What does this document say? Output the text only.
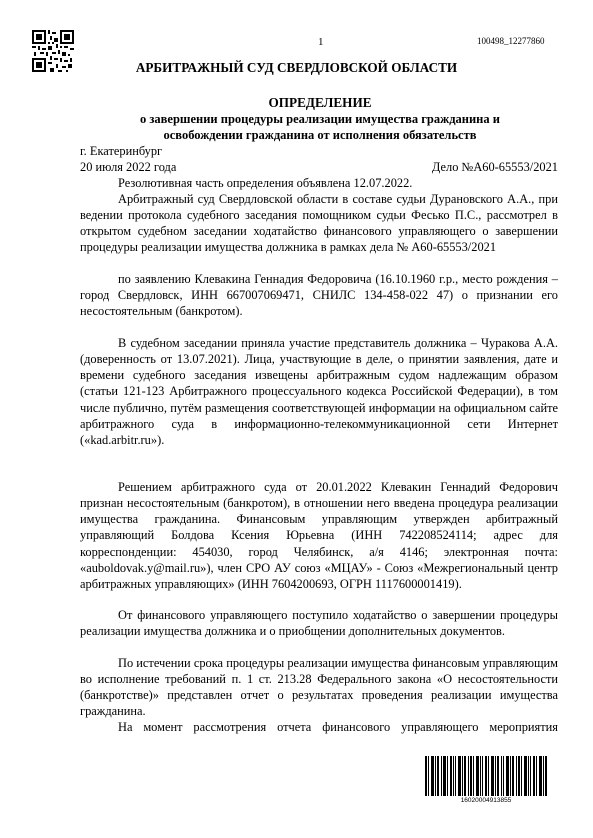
1	100498_12277860
АРБИТРАЖНЫЙ СУД СВЕРДЛОВСКОЙ ОБЛАСТИ
ОПРЕДЕЛЕНИЕ
о завершении процедуры реализации имущества гражданина и
освобождении гражданина от исполнения обязательств
г. Екатеринбург
20 июля 2022 года	Дело №А60-65553/2021
Резолютивная часть определения объявлена 12.07.2022.
Арбитражный суд Свердловской области в составе судьи Дурановского А.А., при ведении протокола судебного заседания помощником судьи Фесько П.С., рассмотрел в открытом судебном заседании ходатайство финансового управляющего о завершении процедуры реализации имущества должника в рамках дела № А60-65553/2021
по заявлению Клевакина Геннадия Федоровича (16.10.1960 г.р., место рождения – город Свердловск, ИНН 667007069471, СНИЛС 134-458-022 47) о признании его несостоятельным (банкротом).
В судебном заседании приняла участие представитель должника – Чуракова А.А. (доверенность от 13.07.2021). Лица, участвующие в деле, о принятии заявления, дате и времени судебного заседания извещены арбитражным судом надлежащим образом (статьи 121-123 Арбитражного процессуального кодекса Российской Федерации), в том числе публично, путём размещения соответствующей информации на официальном сайте арбитражного суда в информационно-телекоммуникационной сети Интернет («kad.arbitr.ru»).
Решением арбитражного суда от 20.01.2022 Клевакин Геннадий Федорович признан несостоятельным (банкротом), в отношении него введена процедура реализации имущества гражданина. Финансовым управляющим утвержден арбитражный управляющий Болдова Ксения Юрьевна (ИНН 742208524114; адрес для корреспонденции: 454030, город Челябинск, а/я 4146; электронная почта: «auboldovak.y@mail.ru»), член СРО АУ союз «МЦАУ» - Союз «Межрегиональный центр арбитражных управляющих» (ИНН 7604200693, ОГРН 1117600001419).
От финансового управляющего поступило ходатайство о завершении процедуры реализации имущества должника и о приобщении дополнительных документов.
По истечении срока процедуры реализации имущества финансовым управляющим во исполнение требований п. 1 ст. 213.28 Федерального закона «О несостоятельности (банкротстве)» представлен отчет о результатах проведения реализации имущества гражданина.
На момент рассмотрения отчета финансового управляющего мероприятия
16020004913855
